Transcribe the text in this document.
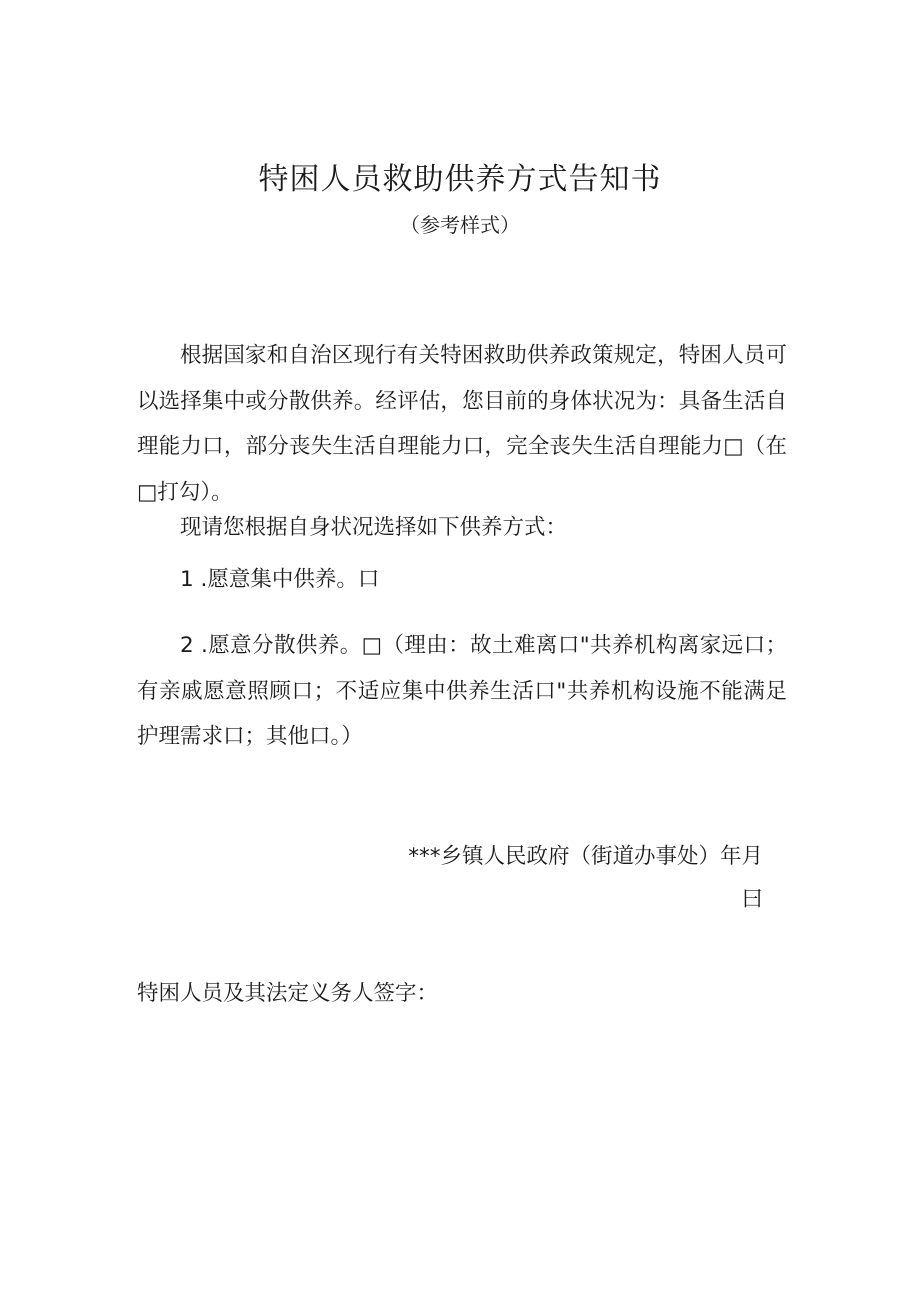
特困人员救助供养方式告知书
（参考样式）
根据国家和自治区现行有关特困救助供养政策规定，特困人员可以选择集中或分散供养。经评估，您目前的身体状况为：具备生活自理能力口，部分丧失生活自理能力口，完全丧失生活自理能力□（在□打勾）。
现请您根据自身状况选择如下供养方式：
1 .愿意集中供养。口
2 .愿意分散供养。□（理由：故土难离口"共养机构离家远口；有亲戚愿意照顾口；不适应集中供养生活口"共养机构设施不能满足护理需求口；其他口。）
***乡镇人民政府（街道办事处）年月
曰
特困人员及其法定义务人签字：
